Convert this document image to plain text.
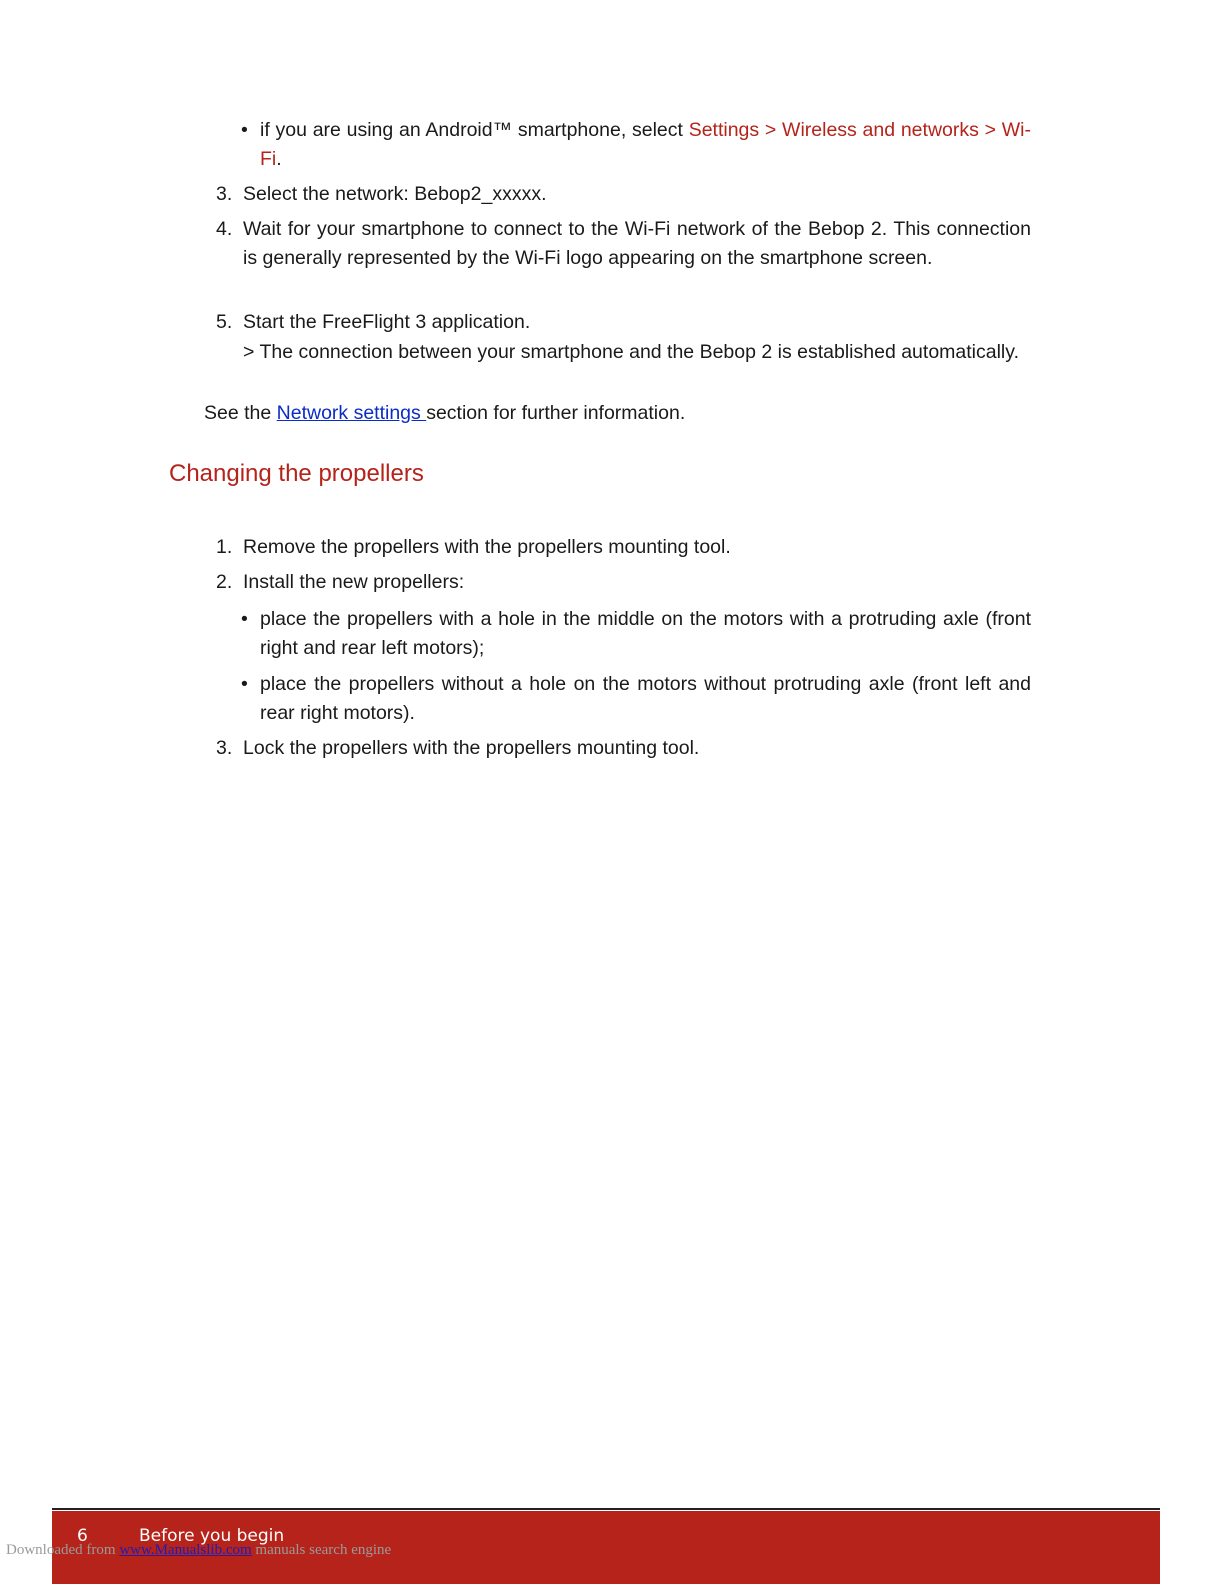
• if you are using an Android™ smartphone, select Settings > Wireless and networks > Wi-Fi.
3. Select the network: Bebop2_xxxxx.
4. Wait for your smartphone to connect to the Wi-Fi network of the Bebop 2. This connection is generally represented by the Wi-Fi logo appearing on the smartphone screen.
5. Start the FreeFlight 3 application.
> The connection between your smartphone and the Bebop 2 is established automatically.
See the Network settings section for further information.
Changing the propellers
1. Remove the propellers with the propellers mounting tool.
2. Install the new propellers:
• place the propellers with a hole in the middle on the motors with a protruding axle (front right and rear left motors);
• place the propellers without a hole on the motors without protruding axle (front left and rear right motors).
3. Lock the propellers with the propellers mounting tool.
6	Before you begin
Downloaded from www.Manualslib.com manuals search engine
